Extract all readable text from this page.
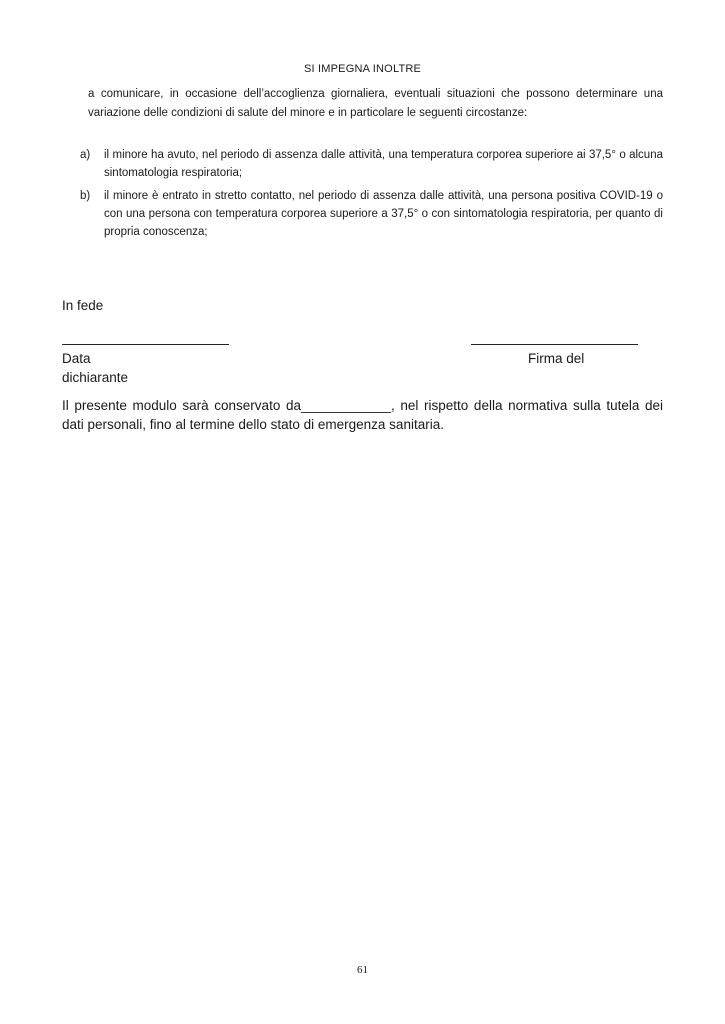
SI IMPEGNA INOLTRE

a comunicare, in occasione dell’accoglienza giornaliera, eventuali situazioni che possono determinare una variazione delle condizioni di salute del minore e in particolare le seguenti circostanze:

a) il minore ha avuto, nel periodo di assenza dalle attività, una temperatura corporea superiore ai 37,5° o alcuna sintomatologia respiratoria;
b) il minore è entrato in stretto contatto, nel periodo di assenza dalle attività, una persona positiva COVID-19 o con una persona con temperatura corporea superiore a 37,5° o con sintomatologia respiratoria, per quanto di propria conoscenza;
In fede
Data	Firma del
dichiarante

Il presente modulo sarà conservato da____________, nel rispetto della normativa sulla tutela dei dati personali, fino al termine dello stato di emergenza sanitaria.

61
